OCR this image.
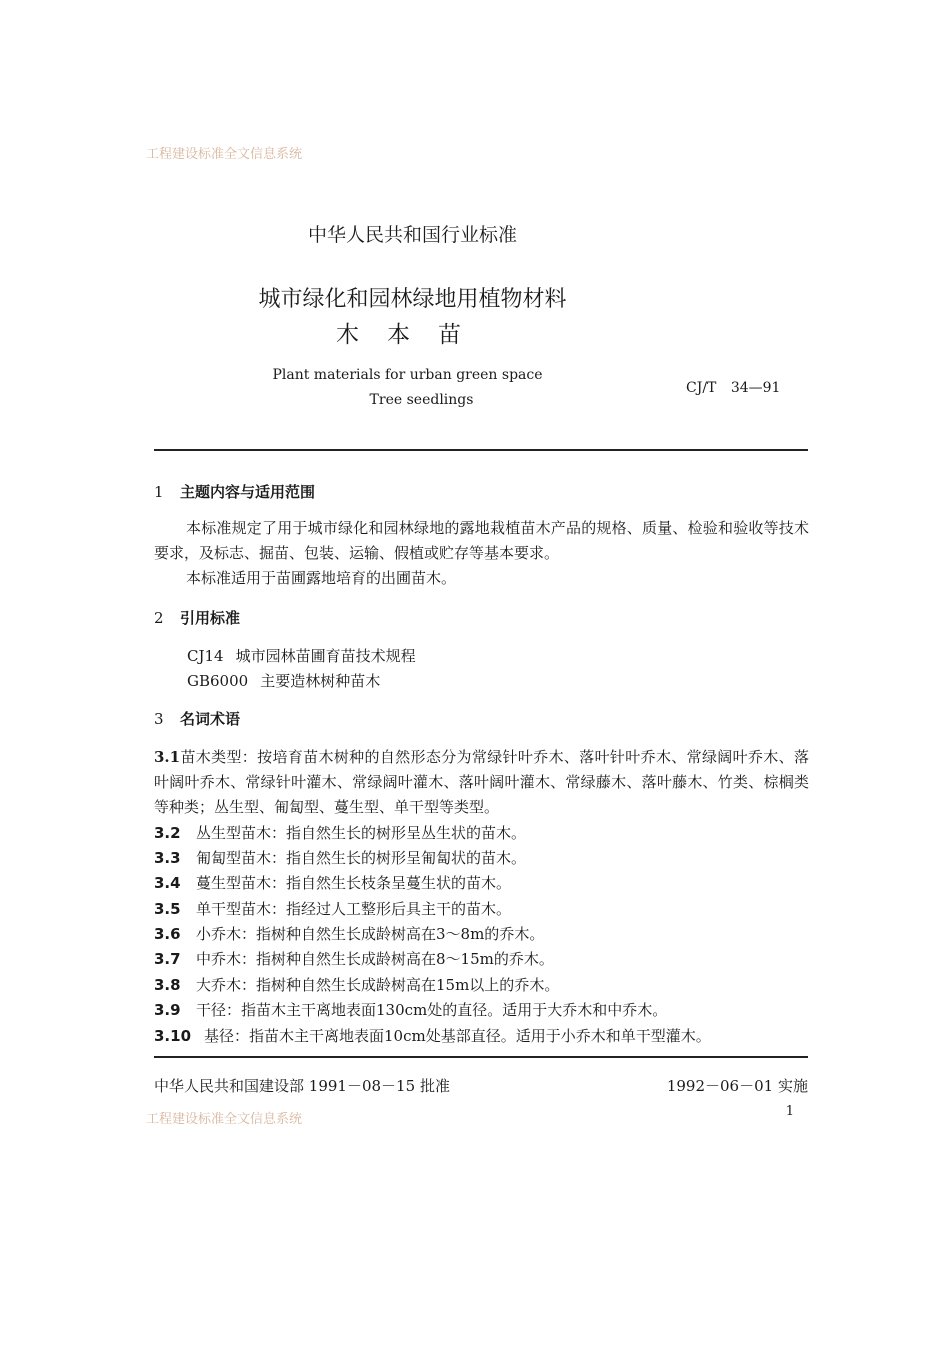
工程建设标准全文信息系统
中华人民共和国行业标准
城市绿化和园林绿地用植物材料
木本苗
Plant materials for urban green space
Tree seedlings
CJ/T 34—91
1 主题内容与适用范围
本标准规定了用于城市绿化和园林绿地的露地栽植苗木产品的规格、质量、检验和验收等技术要求，及标志、掘苗、包装、运输、假植或贮存等基本要求。
本标准适用于苗圃露地培育的出圃苗木。
2 引用标准
CJ14 城市园林苗圃育苗技术规程
GB6000 主要造林树种苗木
3 名词术语
3.1苗木类型：按培育苗木树种的自然形态分为常绿针叶乔木、落叶针叶乔木、常绿阔叶乔木、落叶阔叶乔木、常绿针叶灌木、常绿阔叶灌木、落叶阔叶灌木、常绿藤木、落叶藤木、竹类、棕榈类等种类；丛生型、匍匐型、蔓生型、单干型等类型。
3.2 丛生型苗木：指自然生长的树形呈丛生状的苗木。
3.3 匍匐型苗木：指自然生长的树形呈匍匐状的苗木。
3.4 蔓生型苗木：指自然生长枝条呈蔓生状的苗木。
3.5 单干型苗木：指经过人工整形后具主干的苗木。
3.6 小乔木：指树种自然生长成龄树高在3～8m的乔木。
3.7 中乔木：指树种自然生长成龄树高在8～15m的乔木。
3.8 大乔木：指树种自然生长成龄树高在15m以上的乔木。
3.9 干径：指苗木主干离地表面130cm处的直径。适用于大乔木和中乔木。
3.10 基径：指苗木主干离地表面10cm处基部直径。适用于小乔木和单干型灌木。
中华人民共和国建设部 1991－08－15 批准	1992－06－01 实施
工程建设标准全文信息系统
1
